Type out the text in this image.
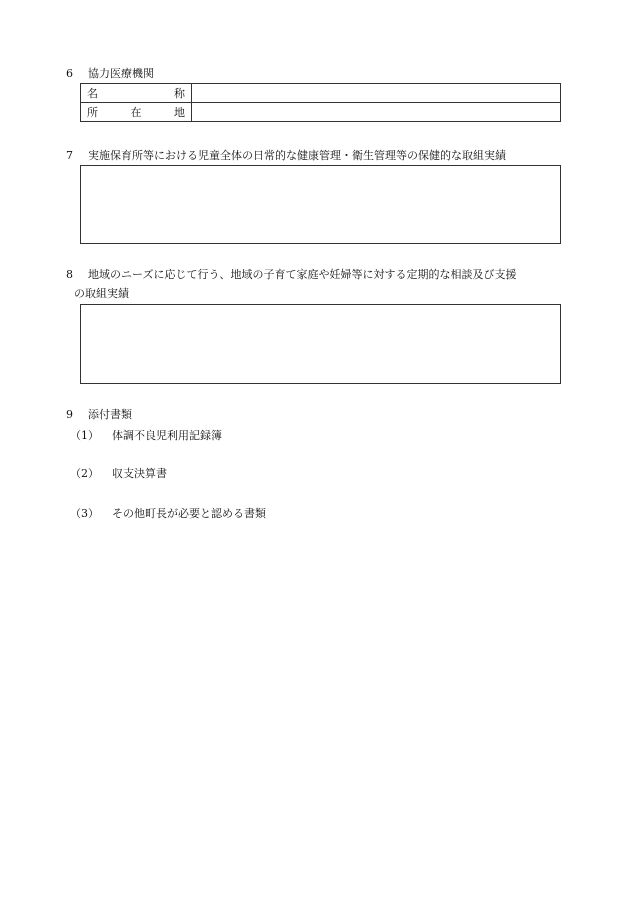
6 協力医療機関
名 称	

所 在 地	

7 実施保育所等における児童全体の日常的な健康管理・衛生管理等の保健的な取組実績
8 地域のニーズに応じて行う、地域の子育て家庭や妊婦等に対する定期的な相談及び支援
の取組実績
9 添付書類
（1） 体調不良児利用記録簿
（2） 収支決算書
（3） その他町長が必要と認める書類
